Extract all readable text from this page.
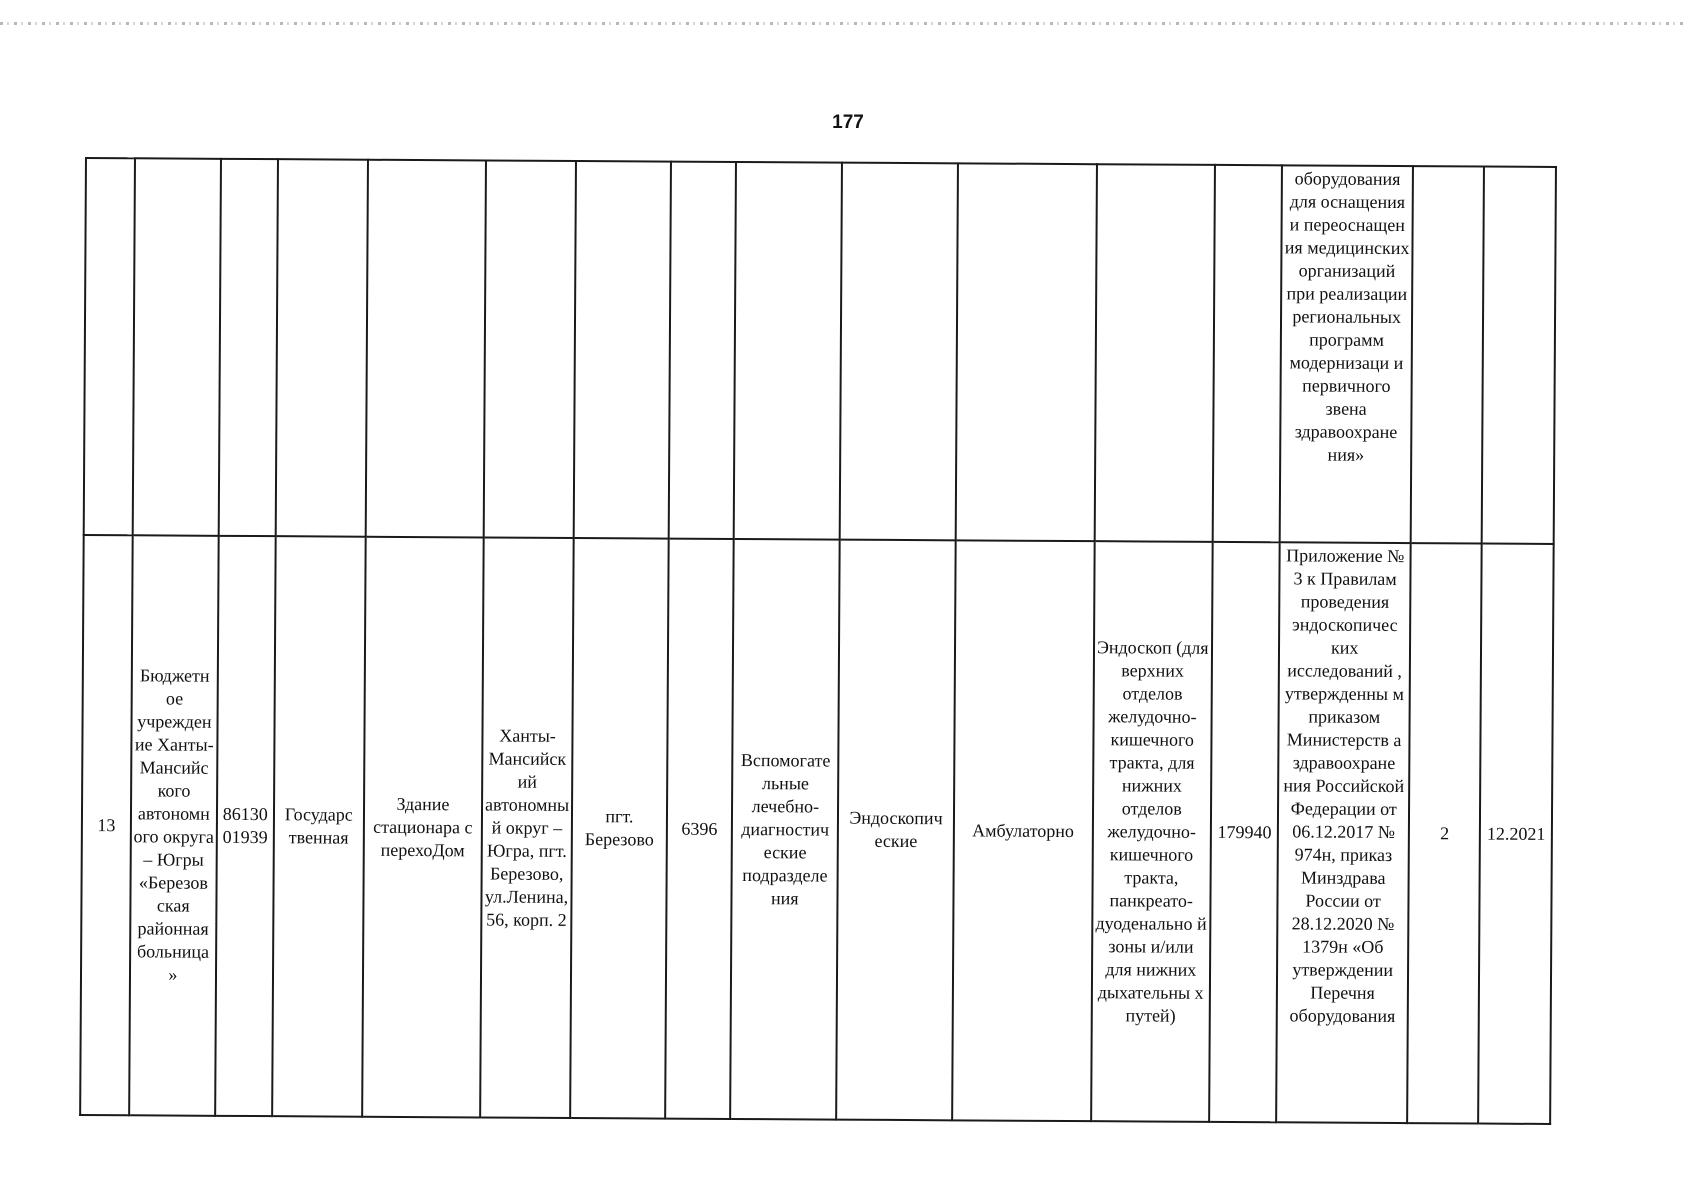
177

													оборудования для оснащения и переоснащен ия медицинских организаций при реализации региональных программ модернизаци и первичного звена здравоохране ния»		

13	Бюджетн ое учрежден ие Ханты- Мансийс кого автономн ого округа – Югры «Березов ская районная больница »	86130 01939	Государс твенная	Здание стационара с перехоДом	Ханты- Мансийск ий автономны й округ – Югра, пгт. Березово, ул.Ленина, 56, корп. 2	пгт. Березово	6396	Вспомогате льные лечебно- диагностич еские подразделе ния	Эндоскопич еские	Амбулаторно	Эндоскоп (для верхних отделов желудочно- кишечного тракта, для нижних отделов желудочно- кишечного тракта, панкреато- дуоденально й зоны и/или для нижних дыхательны х путей)	179940	Приложение № 3 к Правилам проведения эндоскопичес ких исследований , утвержденны м приказом Министерств а здравоохране ния Российской Федерации от 06.12.2017 № 974н, приказ Минздрава России от 28.12.2020 № 1379н «Об утверждении Перечня оборудования	2	12.2021
